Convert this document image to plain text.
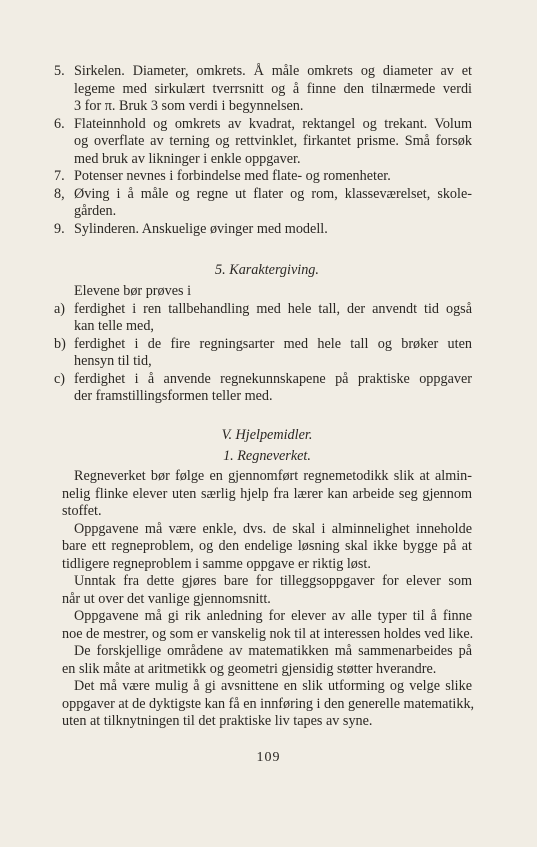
5. Sirkelen. Diameter, omkrets. Å måle omkrets og diameter av et
legeme med sirkulært tverrsnitt og å finne den tilnærmede verdi
3 for π. Bruk 3 som verdi i begynnelsen.
6. Flateinnhold og omkrets av kvadrat, rektangel og trekant. Volum
og overflate av terning og rettvinklet, firkantet prisme. Små forsøk
med bruk av likninger i enkle oppgaver.
7. Potenser nevnes i forbindelse med flate- og romenheter.
8, Øving i å måle og regne ut flater og rom, klasseværelset, skole-
gården.
9. Sylinderen. Anskuelige øvinger med modell.
5. Karaktergiving.
Elevene bør prøves i
a) ferdighet i ren tallbehandling med hele tall, der anvendt tid også
kan telle med,
b) ferdighet i de fire regningsarter med hele tall og brøker uten
hensyn til tid,
c) ferdighet i å anvende regnekunnskapene på praktiske oppgaver
der framstillingsformen teller med.
V. Hjelpemidler.
1. Regneverket.
Regneverket bør følge en gjennomført regnemetodikk slik at almin-
nelig flinke elever uten særlig hjelp fra lærer kan arbeide seg gjennom
stoffet.
Oppgavene må være enkle, dvs. de skal i alminnelighet inneholde
bare ett regneproblem, og den endelige løsning skal ikke bygge på at
tidligere regneproblem i samme oppgave er riktig løst.
Unntak fra dette gjøres bare for tilleggsoppgaver for elever som
når ut over det vanlige gjennomsnitt.
Oppgavene må gi rik anledning for elever av alle typer til å finne
noe de mestrer, og som er vanskelig nok til at interessen holdes ved like.
De forskjellige områdene av matematikken må sammenarbeides på
en slik måte at aritmetikk og geometri gjensidig støtter hverandre.
Det må være mulig å gi avsnittene en slik utforming og velge slike
oppgaver at de dyktigste kan få en innføring i den generelle matematikk,
uten at tilknytningen til det praktiske liv tapes av syne.
109
